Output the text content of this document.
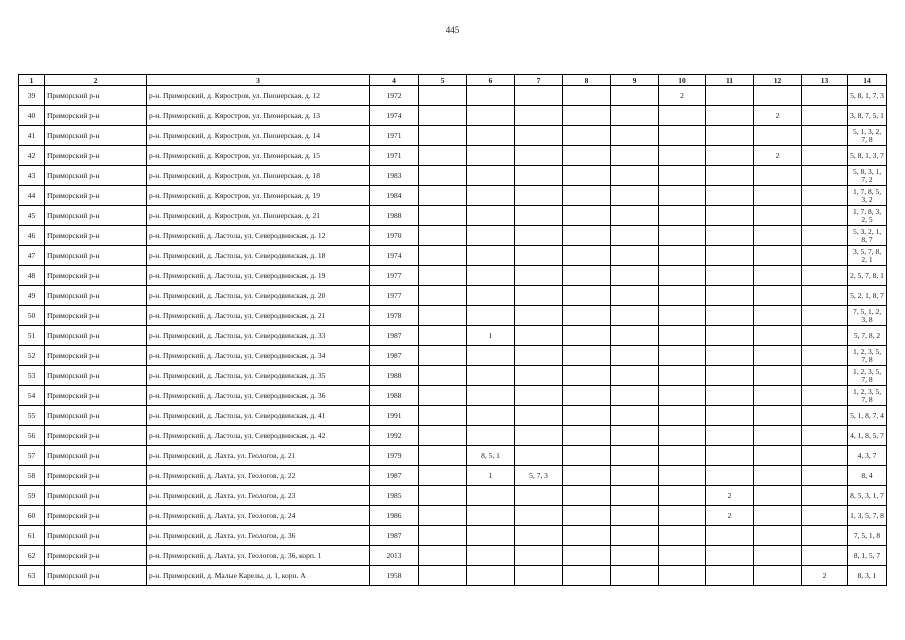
445
1	2	3	4	5	6	7	8	9	10	11	12	13	14
39	Приморский р-н	р-н. Приморский, д. Кяростров, ул. Пионерская, д. 12	1972						2				5, 8, 1, 7, 3
40	Приморский р-н	р-н. Приморский, д. Кяростров, ул. Пионерская, д. 13	1974								2		3, 8, 7, 5, 1
41	Приморский р-н	р-н. Приморский, д. Кяростров, ул. Пионерская, д. 14	1971										5, 1, 3, 2, 7, 8
42	Приморский р-н	р-н. Приморский, д. Кяростров, ул. Пионерская, д. 15	1971								2		5, 8, 1, 3, 7
43	Приморский р-н	р-н. Приморский, д. Кяростров, ул. Пионерская, д. 18	1983										5, 8, 3, 1, 7, 2
44	Приморский р-н	р-н. Приморский, д. Кяростров, ул. Пионерская, д. 19	1984										1, 7, 8, 5, 3, 2
45	Приморский р-н	р-н. Приморский, д. Кяростров, ул. Пионерская, д. 21	1988										1, 7, 8, 3, 2, 5
46	Приморский р-н	р-н. Приморский, д. Ластола, ул. Северодвинская, д. 12	1970										5, 3, 2, 1, 8, 7
47	Приморский р-н	р-н. Приморский, д. Ластола, ул. Северодвинская, д. 18	1974										3, 5, 7, 8, 2, 1
48	Приморский р-н	р-н. Приморский, д. Ластола, ул. Северодвинская, д. 19	1977										2, 5, 7, 8, 1
49	Приморский р-н	р-н. Приморский, д. Ластола, ул. Северодвинская, д. 20	1977										5, 2, 1, 8, 7
50	Приморский р-н	р-н. Приморский, д. Ластола, ул. Северодвинская, д. 21	1978										7, 5, 1, 2, 3, 8
51	Приморский р-н	р-н. Приморский, д. Ластола, ул. Северодвинская, д. 33	1987		1								5, 7, 8, 2
52	Приморский р-н	р-н. Приморский, д. Ластола, ул. Северодвинская, д. 34	1987										1, 2, 3, 5, 7, 8
53	Приморский р-н	р-н. Приморский, д. Ластола, ул. Северодвинская, д. 35	1988										1, 2, 3, 5, 7, 8
54	Приморский р-н	р-н. Приморский, д. Ластола, ул. Северодвинская, д. 36	1988										1, 2, 3, 5, 7, 8
55	Приморский р-н	р-н. Приморский, д. Ластола, ул. Северодвинская, д. 41	1991										5, 1, 8, 7, 4
56	Приморский р-н	р-н. Приморский, д. Ластола, ул. Северодвинская, д. 42	1992										4, 1, 8, 5, 7
57	Приморский р-н	р-н. Приморский, д. Лахта, ул. Геологов, д. 21	1979		8, 5, 1								4, 3, 7
58	Приморский р-н	р-н. Приморский, д. Лахта, ул. Геологов, д. 22	1987		1	5, 7, 3							8, 4
59	Приморский р-н	р-н. Приморский, д. Лахта, ул. Геологов, д. 23	1985							2			8, 5, 3, 1, 7
60	Приморский р-н	р-н. Приморский, д. Лахта, ул. Геологов, д. 24	1986							2			1, 3, 5, 7, 8
61	Приморский р-н	р-н. Приморский, д. Лахта, ул. Геологов, д. 36	1987										7, 5, 1, 8
62	Приморский р-н	р-н. Приморский, д. Лахта, ул. Геологов, д. 36, корп. 1	2013										8, 1, 5, 7
63	Приморский р-н	р-н. Приморский, д. Малые Карелы, д. 1, корп. А	1958									2	8, 3, 1
